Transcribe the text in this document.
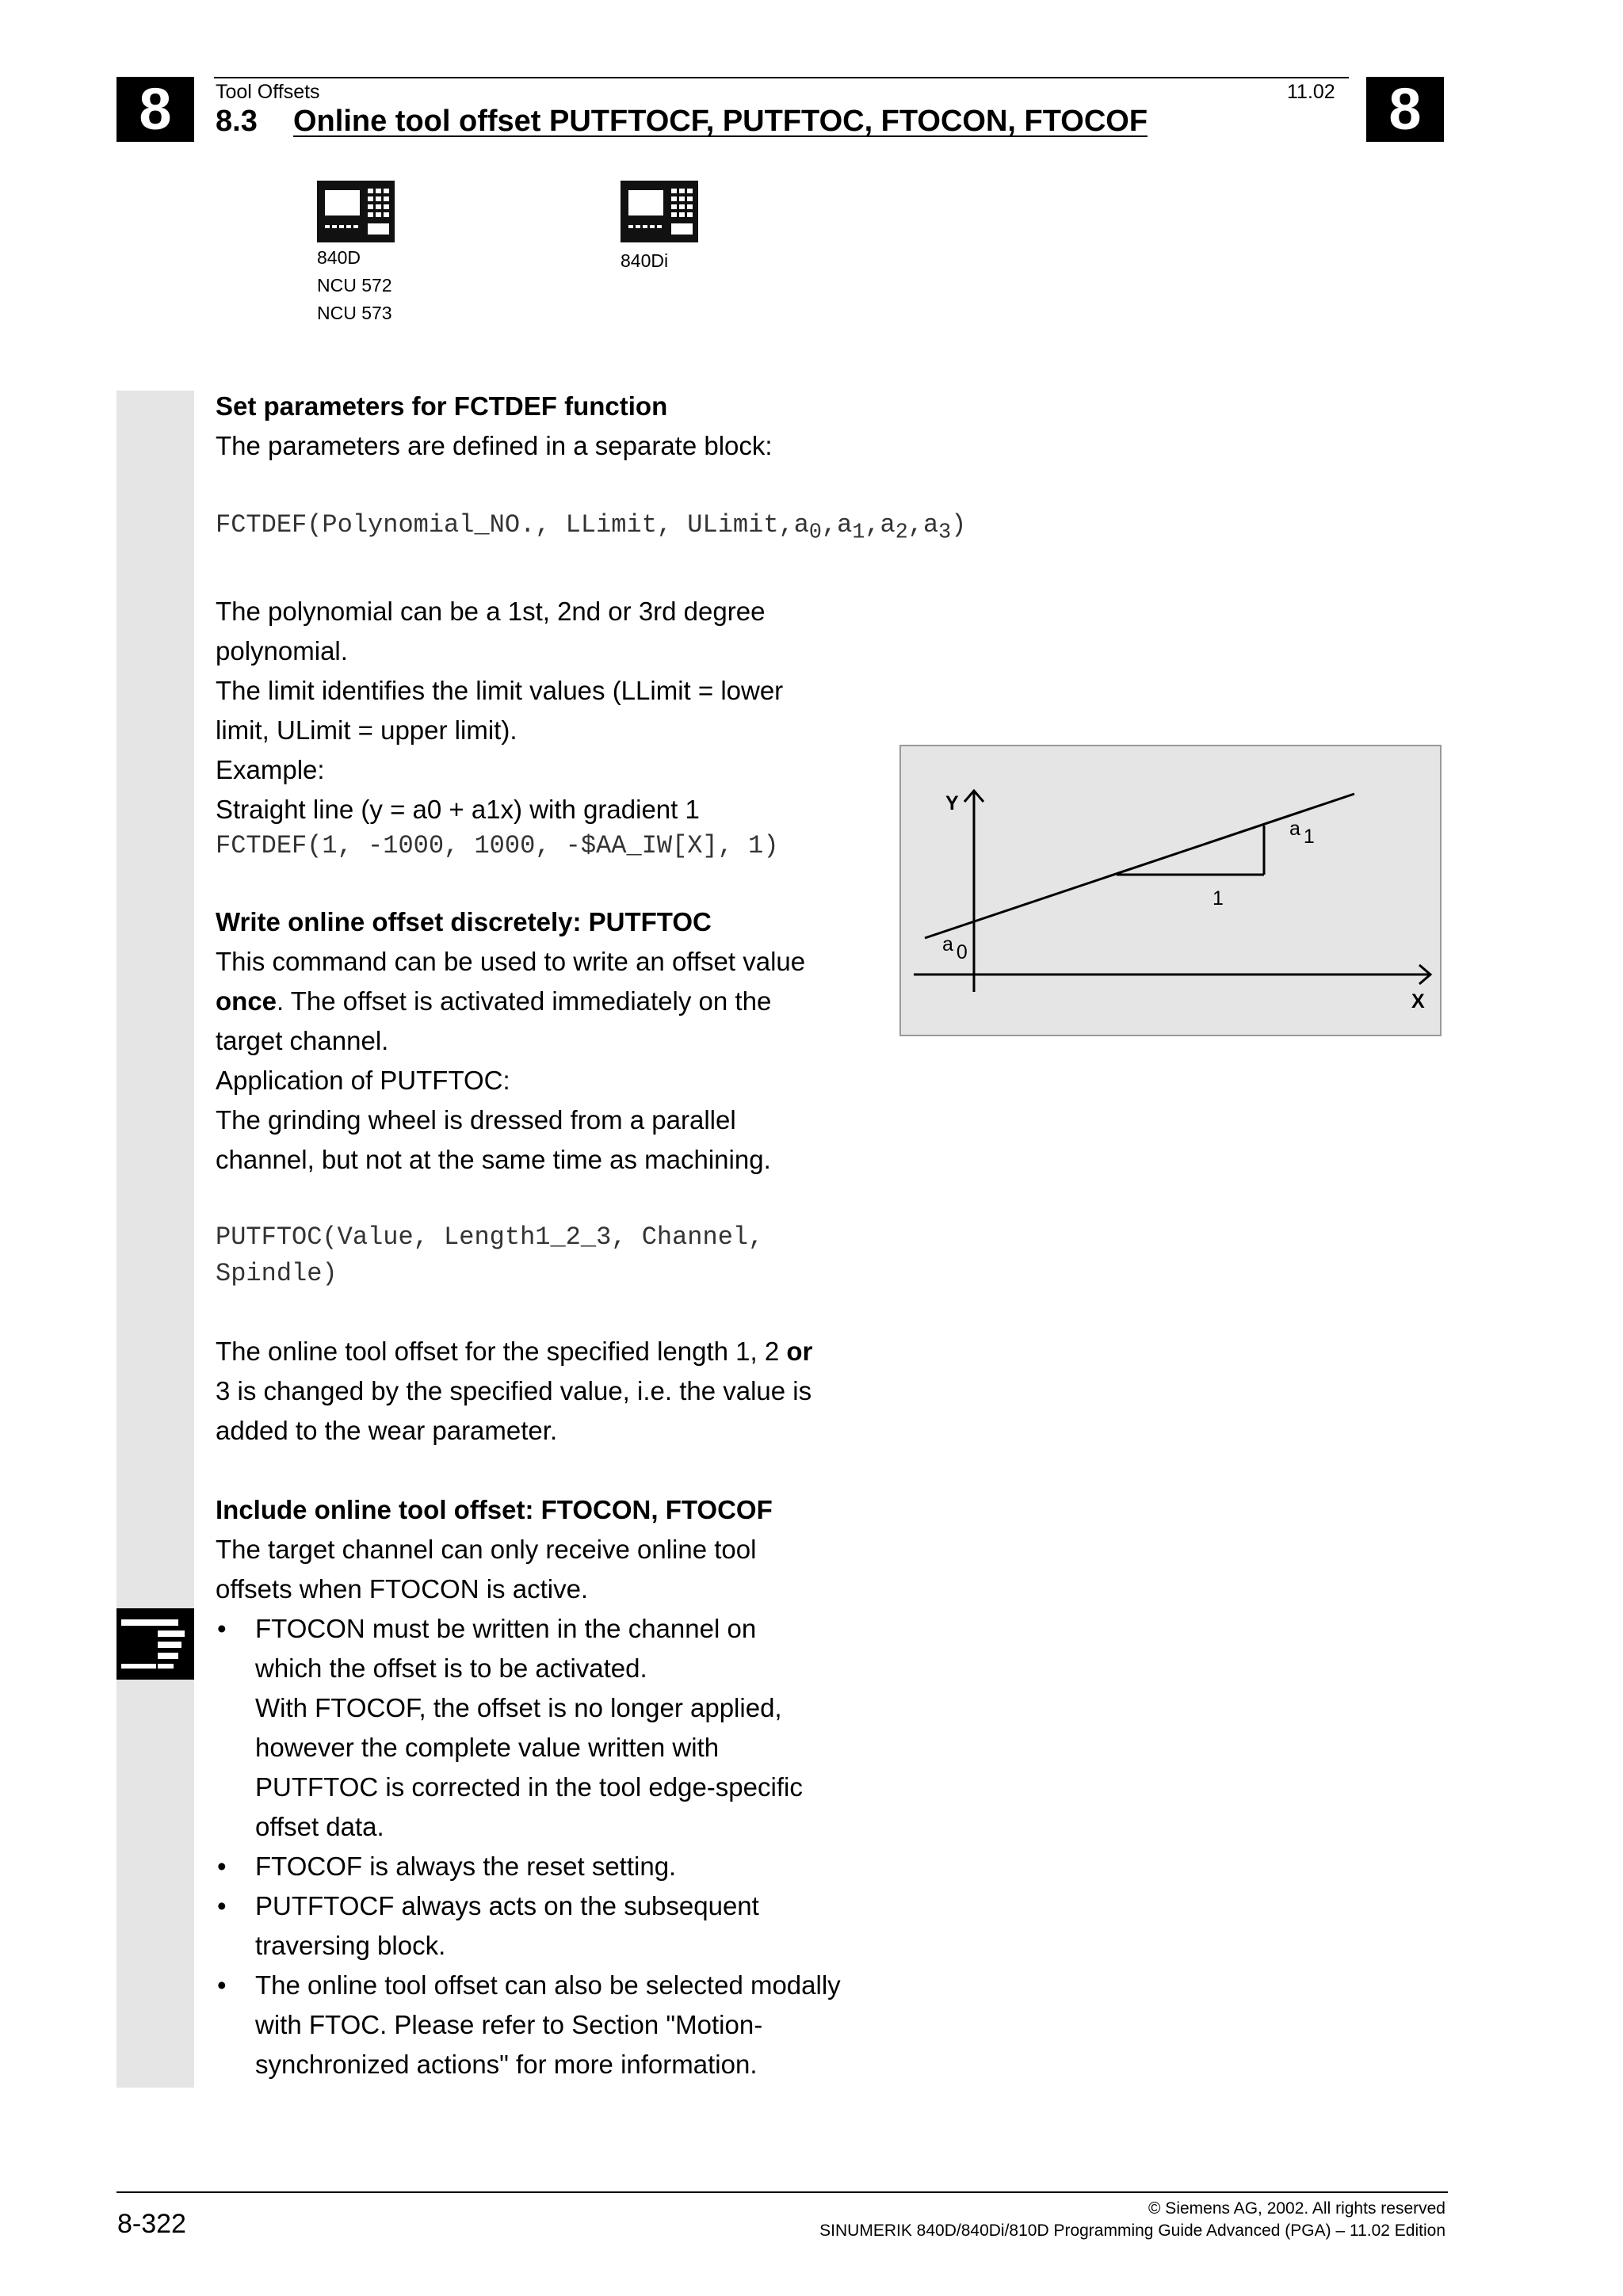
8	8
Tool Offsets	11.02
8.3 Online tool offset PUTFTOCF, PUTFTOC, FTOCON, FTOCOF
840D
NCU 572
NCU 573
840Di

Set parameters for FCTDEF function

The parameters are defined in a separate block:

FCTDEF(Polynomial_NO., LLimit, $ULimit,a_0,a_1,a_2,a_3$)

The polynomial can be a 1st, 2nd or 3rd degree

polynomial.

The limit identifies the limit values (LLimit = lower

limit, ULimit = upper limit).

Example:

Straight line (y = a0 + a1x) with gradient 1

FCTDEF(1, -1000, 1000, -$AA_IW[X], 1)

Write online offset discretely: PUTFTOC

This command can be used to write an offset value

once. The offset is activated immediately on the

target channel.

Application of PUTFTOC:

The grinding wheel is dressed from a parallel

channel, but not at the same time as machining.

PUTFTOC(Value, Length1_2_3, Channel,

Spindle)

The online tool offset for the specified length 1, 2 or

3 is changed by the specified value, i.e. the value is

added to the wear parameter.

Include online tool offset: FTOCON, FTOCOF

The target channel can only receive online tool

offsets when FTOCON is active.

• FTOCON must be written in the channel on
which the offset is to be activated.
With FTOCOF, the offset is no longer applied,
however the complete value written with
PUTFTOC is corrected in the tool edge-specific
offset data.
• FTOCOF is always the reset setting.
• PUTFTOCF always acts on the subsequent
traversing block.
• The online tool offset can also be selected modally
with FTOC. Please refer to Section "Motion-
synchronized actions" for more information.
Y
X
a 1
1
a 0
8-322
© Siemens AG, 2002. All rights reserved
SINUMERIK 840D/840Di/810D Programming Guide Advanced (PGA) – 11.02 Edition
